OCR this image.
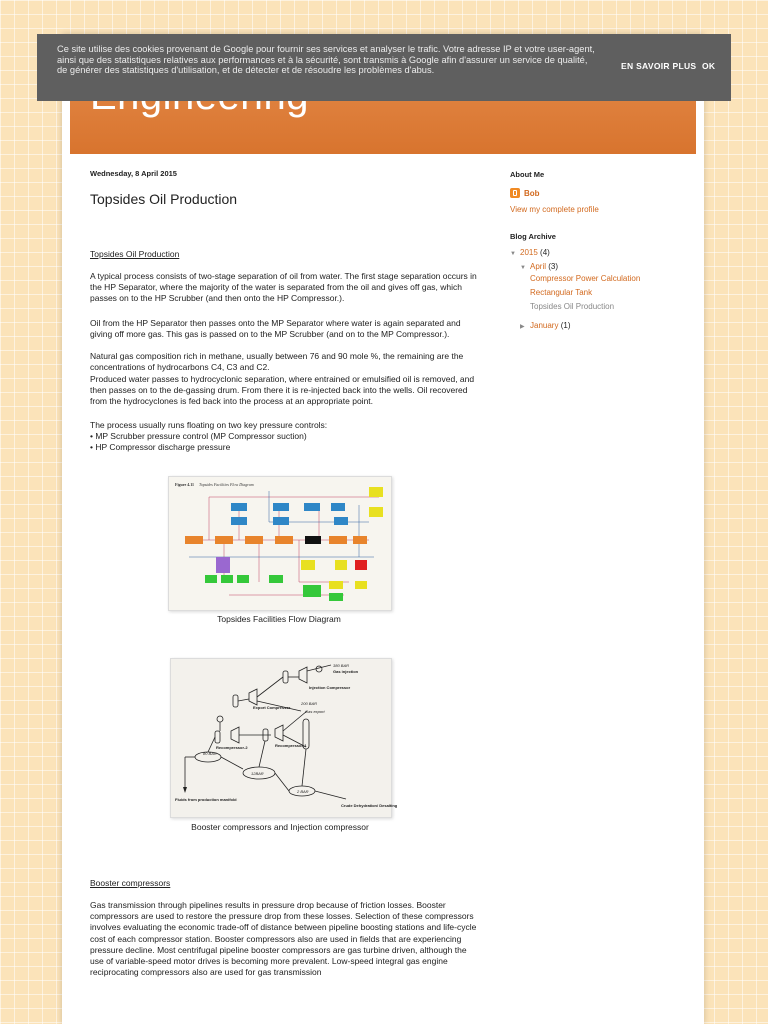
Ce site utilise des cookies provenant de Google pour fournir ses services et analyser le trafic. Votre adresse IP et votre user-agent, ainsi que des statistiques relatives aux performances et à la sécurité, sont transmis à Google afin d'assurer un service de qualité, de générer des statistiques d'utilisation, et de détecter et de résoudre les problèmes d'abus.	EN SAVOIR PLUS OK
Wednesday, 8 April 2015
Topsides Oil Production
Topsides Oil Production

A typical process consists of two-stage separation of oil from water. The first stage separation occurs in the HP Separator, where the majority of the water is separated from the oil and gives off gas, which passes on to the HP Scrubber (and then onto the HP Compressor.).

Oil from the HP Separator then passes onto the MP Separator where water is again separated and giving off more gas. This gas is passed on to the MP Scrubber (and on to the MP Compressor.).

Natural gas composition rich in methane, usually between 76 and 90 mole %, the remaining are the concentrations of hydrocarbons C4, C3 and C2.

Produced water passes to hydrocyclonic separation, where entrained or emulsified oil is removed, and then passes on to the de-gassing drum. From there it is re-injected back into the wells. Oil recovered from the hydrocyclones is fed back into the process at an appropriate point.

The process usually runs floating on two key pressure controls:

• MP Scrubber pressure control (MP Compressor suction)

• HP Compressor discharge pressure

Figure 4.11 Topsides Facilities Flow Diagram
Topsides Facilities Flow Diagram
380 BAR
Gas injection
Injection Compressor
Export Compressor
200 BAR
Gas export
Recompressor-2	Recompressor-1
80 BAR
12BAR
2 BAR
Fluids from production manifold
Crude Dehydration/ Desalting
Booster compressors and Injection compressor
Booster compressors

Gas transmission through pipelines results in pressure drop because of friction losses. Booster compressors are used to restore the pressure drop from these losses. Selection of these compressors involves evaluating the economic trade-off of distance between pipeline boosting stations and life-cycle cost of each compressor station. Booster compressors also are used in fields that are experiencing pressure decline. Most centrifugal pipeline booster compressors are gas turbine driven, although the use of variable-speed motor drives is becoming more prevalent. Low-speed integral gas engine reciprocating compressors also are used for gas transmission

About Me
Bob
View my complete profile
Blog Archive
▼ 2015 (4)
▼ April (3)
Compressor Power Calculation
Rectangular Tank
Topsides Oil Production
▶ January (1)
